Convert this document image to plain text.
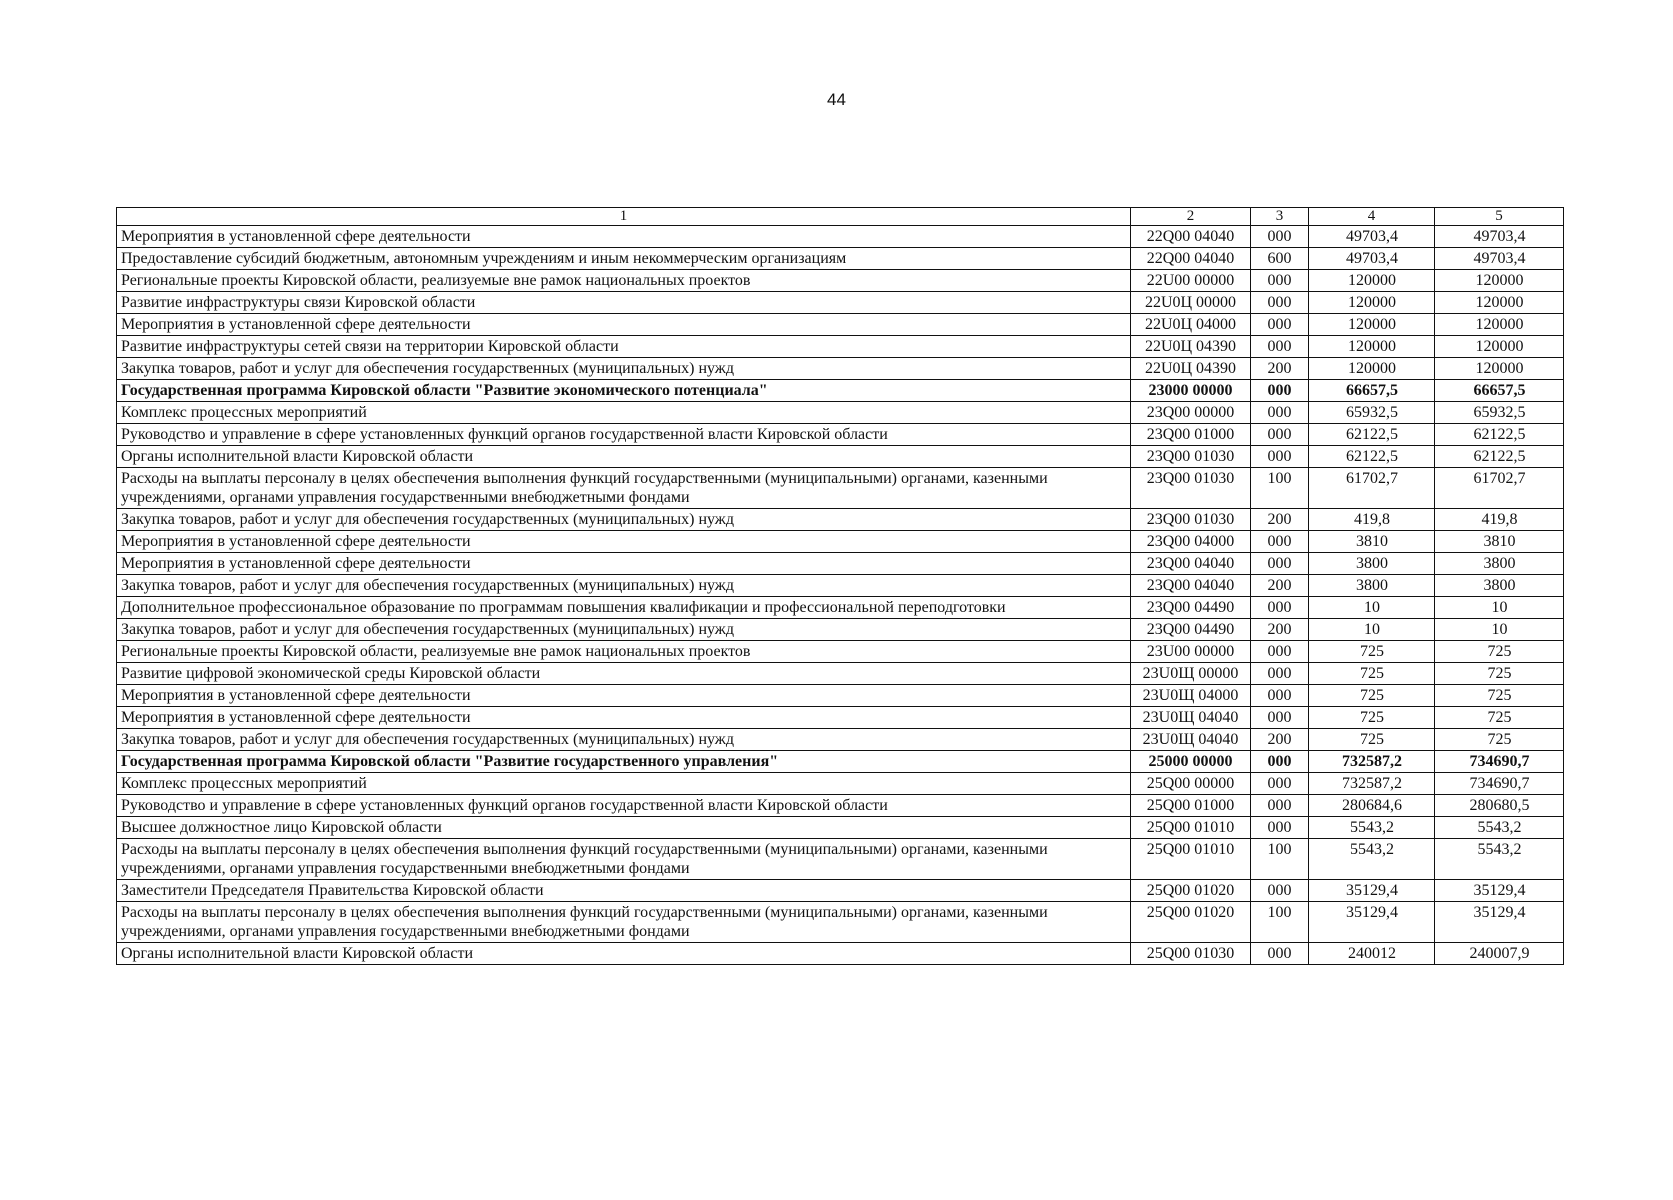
44
1	2	3	4	5
Мероприятия в установленной сфере деятельности	22Q00 04040	000	49703,4	49703,4
Предоставление субсидий бюджетным, автономным учреждениям и иным некоммерческим организациям	22Q00 04040	600	49703,4	49703,4
Региональные проекты Кировской области, реализуемые вне рамок национальных проектов	22U00 00000	000	120000	120000
Развитие инфраструктуры связи Кировской области	22U0Ц 00000	000	120000	120000
Мероприятия в установленной сфере деятельности	22U0Ц 04000	000	120000	120000
Развитие инфраструктуры сетей связи на территории Кировской области	22U0Ц 04390	000	120000	120000
Закупка товаров, работ и услуг для обеспечения государственных (муниципальных) нужд	22U0Ц 04390	200	120000	120000
Государственная программа Кировской области "Развитие экономического потенциала"	23000 00000	000	66657,5	66657,5
Комплекс процессных мероприятий	23Q00 00000	000	65932,5	65932,5
Руководство и управление в сфере установленных функций органов государственной власти Кировской области	23Q00 01000	000	62122,5	62122,5
Органы исполнительной власти Кировской области	23Q00 01030	000	62122,5	62122,5
Расходы на выплаты персоналу в целях обеспечения выполнения функций государственными (муниципальными) органами, казенными учреждениями, органами управления государственными внебюджетными фондами	23Q00 01030	100	61702,7	61702,7
Закупка товаров, работ и услуг для обеспечения государственных (муниципальных) нужд	23Q00 01030	200	419,8	419,8
Мероприятия в установленной сфере деятельности	23Q00 04000	000	3810	3810
Мероприятия в установленной сфере деятельности	23Q00 04040	000	3800	3800
Закупка товаров, работ и услуг для обеспечения государственных (муниципальных) нужд	23Q00 04040	200	3800	3800
Дополнительное профессиональное образование по программам повышения квалификации и профессиональной переподготовки	23Q00 04490	000	10	10
Закупка товаров, работ и услуг для обеспечения государственных (муниципальных) нужд	23Q00 04490	200	10	10
Региональные проекты Кировской области, реализуемые вне рамок национальных проектов	23U00 00000	000	725	725
Развитие цифровой экономической среды Кировской области	23U0Щ 00000	000	725	725
Мероприятия в установленной сфере деятельности	23U0Щ 04000	000	725	725
Мероприятия в установленной сфере деятельности	23U0Щ 04040	000	725	725
Закупка товаров, работ и услуг для обеспечения государственных (муниципальных) нужд	23U0Щ 04040	200	725	725
Государственная программа Кировской области "Развитие государственного управления"	25000 00000	000	732587,2	734690,7
Комплекс процессных мероприятий	25Q00 00000	000	732587,2	734690,7
Руководство и управление в сфере установленных функций органов государственной власти Кировской области	25Q00 01000	000	280684,6	280680,5
Высшее должностное лицо Кировской области	25Q00 01010	000	5543,2	5543,2
Расходы на выплаты персоналу в целях обеспечения выполнения функций государственными (муниципальными) органами, казенными учреждениями, органами управления государственными внебюджетными фондами	25Q00 01010	100	5543,2	5543,2
Заместители Председателя Правительства Кировской области	25Q00 01020	000	35129,4	35129,4
Расходы на выплаты персоналу в целях обеспечения выполнения функций государственными (муниципальными) органами, казенными учреждениями, органами управления государственными внебюджетными фондами	25Q00 01020	100	35129,4	35129,4
Органы исполнительной власти Кировской области	25Q00 01030	000	240012	240007,9
